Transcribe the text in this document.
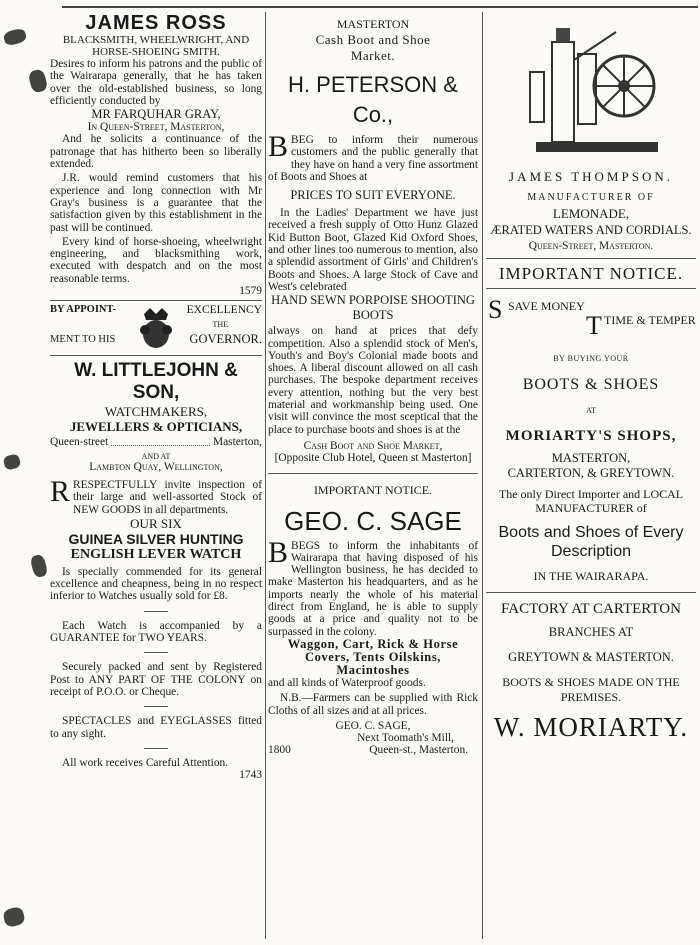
JAMES ROSS
BLACKSMITH, WHEELWRIGHT, AND HORSE-SHOEING SMITH.
Desires to inform his patrons and the public of the Wairarapa generally, that he has taken over the old-established business, so long efficiently conducted by
MR FARQUHAR GRAY,
In Queen-Street, Masterton,
And he solicits a continuance of the patronage that has hitherto been so liberally extended.
J.R. would remind customers that his experience and long connection with Mr Gray's business is a guarantee that the satisfaction given by this establishment in the past will be continued.
Every kind of horse-shoeing, wheelwright engineering, and blacksmithing work, executed with despatch and on the most reasonable terms.
1579
BY APPOINT-	EXCELLENCY
THE
MENT TO HIS	GOVERNOR.
W. LITTLEJOHN & SON,
WATCHMAKERS,
JEWELLERS & OPTICIANS,
Queen-street	Masterton,
AND AT
Lambton Quay, Wellington,
RRESPECTFULLY invite inspection of their large and well-assorted Stock of NEW GOODS in all departments.
OUR SIX
GUINEA SILVER HUNTING
ENGLISH LEVER WATCH
Is specially commended for its general excellence and cheapness, being in no respect inferior to Watches usually sold for £8.
Each Watch is accompanied by a GUARANTEE for TWO YEARS.
Securely packed and sent by Registered Post to ANY PART OF THE COLONY on receipt of P.O.O. or Cheque.
SPECTACLES and EYEGLASSES fitted to any sight.
All work receives Careful Attention.
1743
MASTERTON
Cash Boot and Shoe
Market.
H. PETERSON & Co.,
BBEG to inform their numerous customers and the public generally that they have on hand a very fine assortment of Boots and Shoes at
PRICES TO SUIT EVERYONE.
In the Ladies' Department we have just received a fresh supply of Otto Hunz Glazed Kid Button Boot, Glazed Kid Oxford Shoes, and other lines too numerous to mention, also a splendid assortment of Girls' and Children's Boots and Shoes. A large Stock of Cave and West's celebrated
HAND SEWN PORPOISE SHOOTING BOOTS
always on hand at prices that defy competition. Also a splendid stock of Men's, Youth's and Boy's Colonial made boots and shoes. A liberal discount allowed on all cash purchases. The bespoke department receives every attention, nothing but the very best material and workmanship being used. One visit will convince the most sceptical that the place to purchase boots and shoes is at the
Cash Boot and Shoe Market,
[Opposite Club Hotel, Queen st Masterton]
IMPORTANT NOTICE.
GEO. C. SAGE
BBEGS to inform the inhabitants of Wairarapa that having disposed of his Wellington business, he has decided to make Masterton his headquarters, and as he imports nearly the whole of his material direct from England, he is able to supply goods at a price and quality not to be surpassed in the colony.
Waggon, Cart, Rick & Horse Covers, Tents Oilskins, Macintoshes
and all kinds of Waterproof goods.
N.B.—Farmers can be supplied with Rick Cloths of all sizes and at all prices.
GEO. C. SAGE,
Next Toomath's Mill,
1800	Queen-st., Masterton.
JAMES THOMPSON.
MANUFACTURER OF
LEMONADE,
ÆRATED WATERS AND CORDIALS.
Queen-Street, Masterton.
IMPORTANT NOTICE.
S SAVE MONEY
T TIME & TEMPER
BY BUYING YOUR
BOOTS & SHOES
AT
MORIARTY'S SHOPS,
MASTERTON,
CARTERTON, & GREYTOWN.
The only Direct Importer and LOCAL MANUFACTURER of
Boots and Shoes of Every Description
IN THE WAIRARAPA.
FACTORY AT CARTERTON
BRANCHES AT
GREYTOWN & MASTERTON.
BOOTS & SHOES MADE ON THE PREMISES.
W. MORIARTY.
